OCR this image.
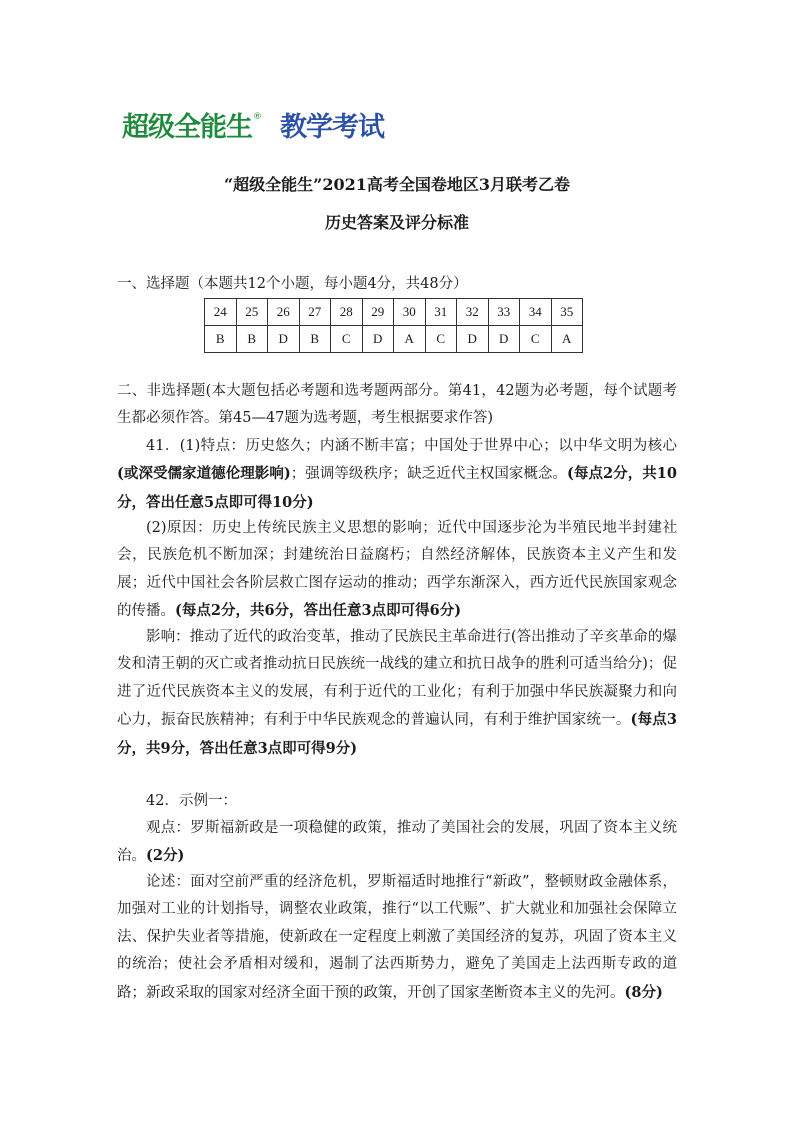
超级全能生 ® 教学考试
“超级全能生”2021高考全国卷地区3月联考乙卷
历史答案及评分标准
一、选择题（本题共12个小题，每小题4分，共48分）
24	25	26	27	28	29	30	31	32	33	34	35
B	B	D	B	C	D	A	C	D	D	C	A
二、非选择题(本大题包括必考题和选考题两部分。第41，42题为必考题，每个试题考生都必须作答。第45—47题为选考题，考生根据要求作答)
41．(1)特点：历史悠久；内涵不断丰富；中国处于世界中心；以中华文明为核心(或深受儒家道德伦理影响)；强调等级秩序；缺乏近代主权国家概念。(每点2分，共10分，答出任意5点即可得10分)
(2)原因：历史上传统民族主义思想的影响；近代中国逐步沦为半殖民地半封建社会，民族危机不断加深；封建统治日益腐朽；自然经济解体，民族资本主义产生和发展；近代中国社会各阶层救亡图存运动的推动；西学东渐深入，西方近代民族国家观念的传播。(每点2分，共6分，答出任意3点即可得6分)
影响：推动了近代的政治变革，推动了民族民主革命进行(答出推动了辛亥革命的爆发和清王朝的灭亡或者推动抗日民族统一战线的建立和抗日战争的胜利可适当给分)；促进了近代民族资本主义的发展，有利于近代的工业化；有利于加强中华民族凝聚力和向心力，振奋民族精神；有利于中华民族观念的普遍认同，有利于维护国家统一。(每点3分，共9分，答出任意3点即可得9分)
42．示例一：
观点：罗斯福新政是一项稳健的政策，推动了美国社会的发展，巩固了资本主义统治。(2分)
论述：面对空前严重的经济危机，罗斯福适时地推行“新政”，整顿财政金融体系，加强对工业的计划指导，调整农业政策，推行“以工代赈”、扩大就业和加强社会保障立法、保护失业者等措施，使新政在一定程度上刺激了美国经济的复苏，巩固了资本主义的统治；使社会矛盾相对缓和，遏制了法西斯势力，避免了美国走上法西斯专政的道路；新政采取的国家对经济全面干预的政策，开创了国家垄断资本主义的先河。(8分)
